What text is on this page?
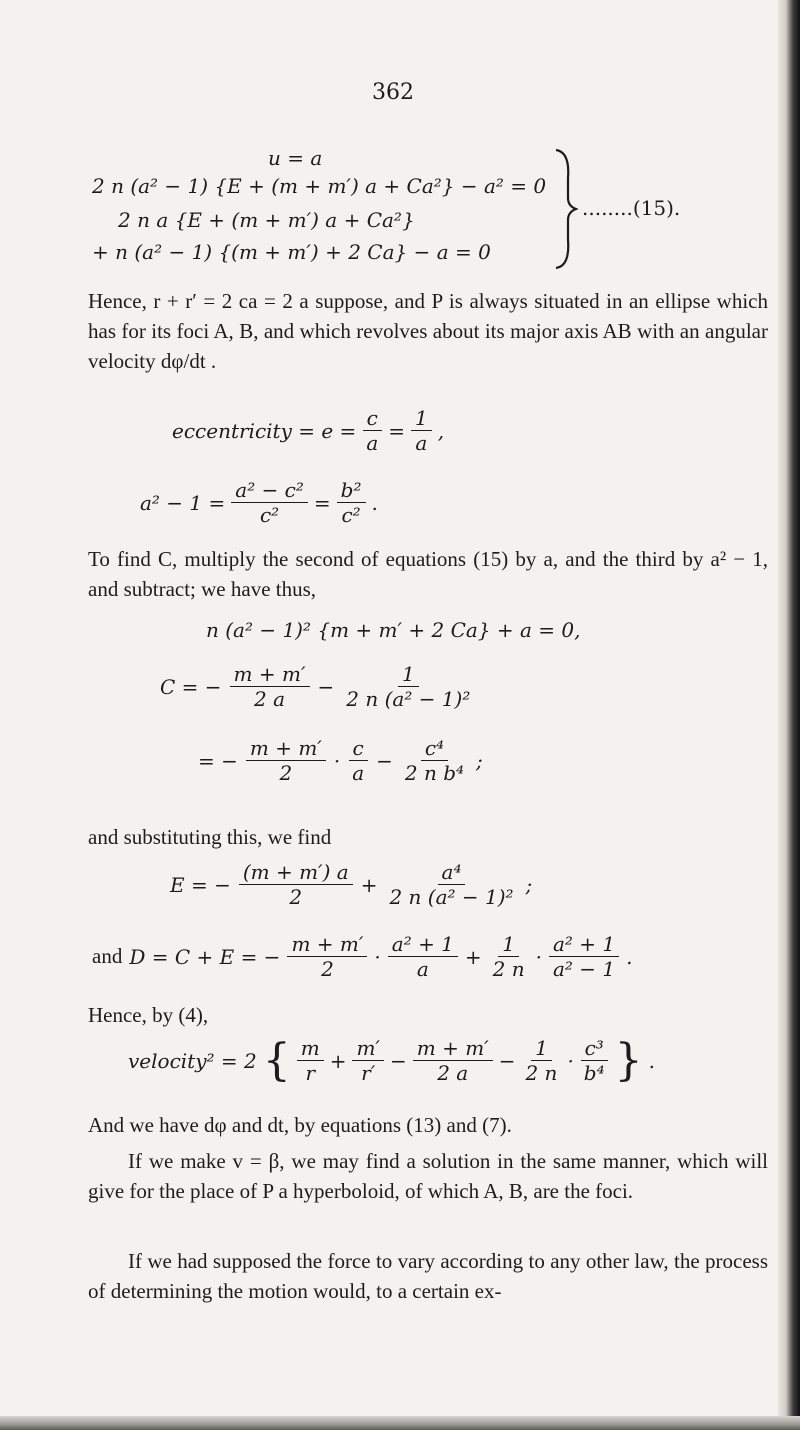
362
u = a
2 n (a² − 1) {E + (m + m′) a + Ca²} − a² = 0
2 n a {E + (m + m′) a + Ca²}
+ n (a² − 1) {(m + m′) + 2 Ca} − a = 0
........(15).
Hence, r + r′ = 2 ca = 2 a suppose, and P is always situated in an ellipse which has for its foci A, B, and which revolves about its major axis AB with an angular velocity dφ/dt .
eccentricity = $e = \frac{c}{a} = \frac{1}{a}$ ,
$a^2 - 1 = \frac{\text{a² − c²}}{\text{c²}} = \frac{\text{b²}}{\text{c²}}$ .
To find C, multiply the second of equations (15) by a, and the third by a² − 1, and subtract; we have thus,
n (a² − 1)² {m + m′ + 2 Ca} + a = 0,
C = − $\frac{m + m'}{2 a} - \frac{1}{\text{2 n (a² − 1)²}}$
= − $\frac{m + m'}{2} \cdot \frac{c}{a} - \frac{\text{c⁴}}{\text{2 n b⁴}}$ ;
and substituting this, we find
E = − $\frac{(m + m') a}{2} + \frac{\text{a⁴}}{\text{2 n (a² − 1)²}}$ ;
and D = C + E = − $\frac{m + m'}{2} \cdot \frac{\text{a² + 1}}{a} + \frac{1}{2 n} \cdot \frac{\text{a² + 1}}{\text{a² − 1}}$ .
Hence, by (4),
velocity² = 2 { $\frac{m}{r} + \frac{m'}{r'} - \frac{m + m'}{2 a} - \frac{1}{2 n} \cdot \frac{\text{c³}}{\text{b⁴}}$ } .
And we have dφ and dt, by equations (13) and (7).
If we make v = β, we may find a solution in the same manner, which will give for the place of P a hyperboloid, of which A, B, are the foci.
If we had supposed the force to vary according to any other law, the process of determining the motion would, to a certain ex-
